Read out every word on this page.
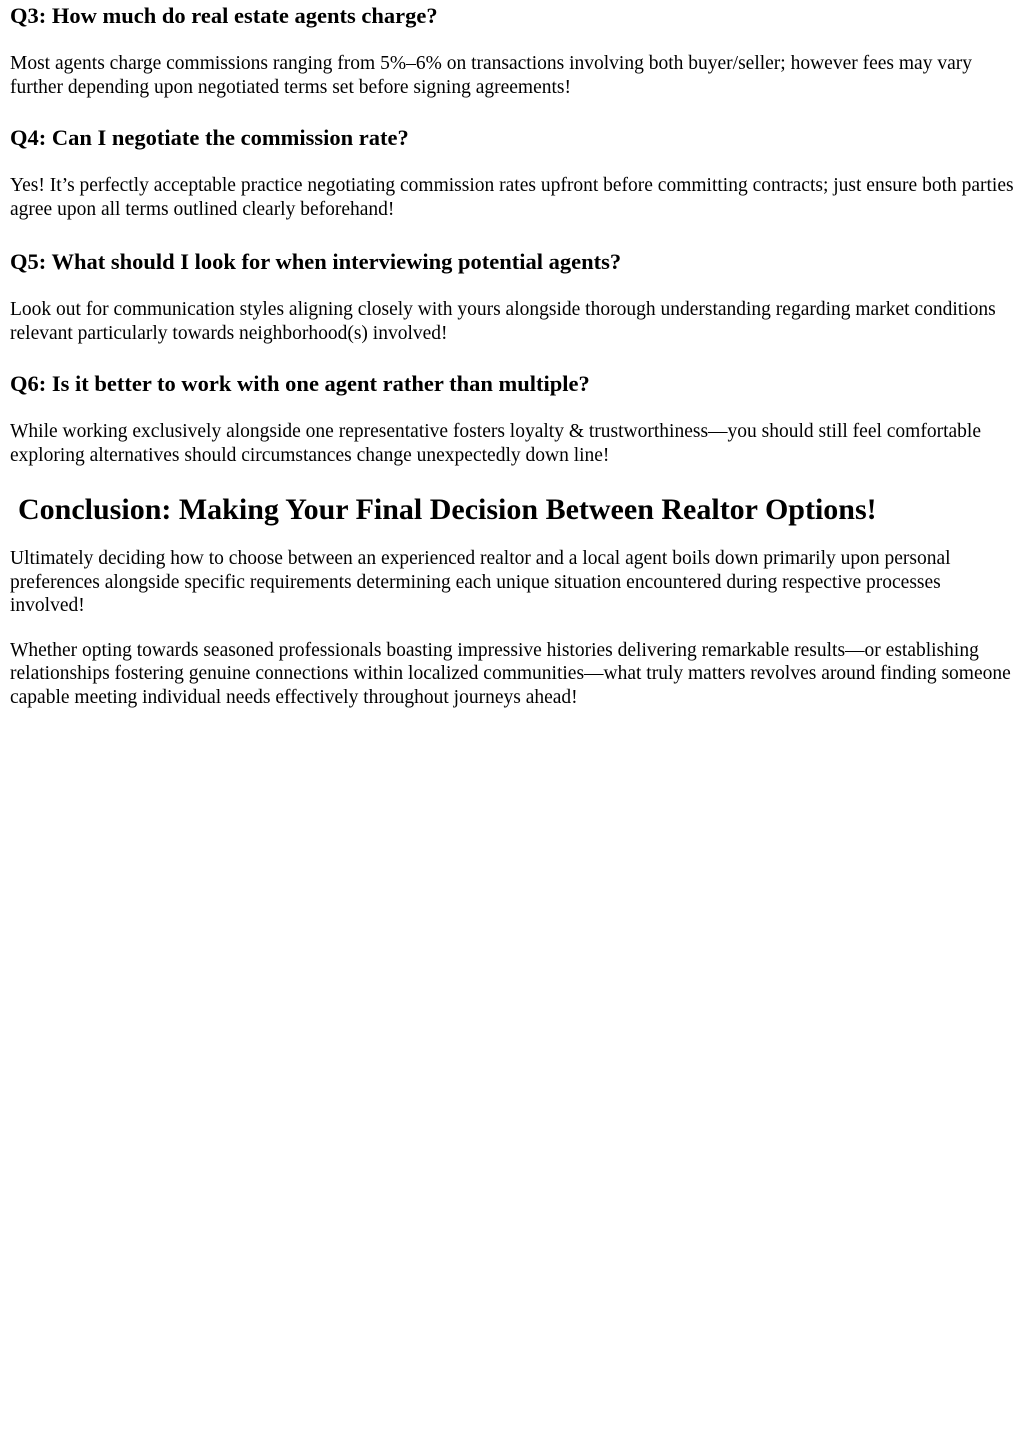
Q3: How much do real estate agents charge?

Most agents charge commissions ranging from 5%–6% on transactions involving both buyer/seller; however fees may vary further depending upon negotiated terms set before signing agreements!

Q4: Can I negotiate the commission rate?

Yes! It’s perfectly acceptable practice negotiating commission rates upfront before committing contracts; just ensure both parties agree upon all terms outlined clearly beforehand!

Q5: What should I look for when interviewing potential agents?

Look out for communication styles aligning closely with yours alongside thorough understanding regarding market conditions relevant particularly towards neighborhood(s) involved!

Q6: Is it better to work with one agent rather than multiple?

While working exclusively alongside one representative fosters loyalty & trustworthiness—you should still feel comfortable exploring alternatives should circumstances change unexpectedly down line!

Conclusion: Making Your Final Decision Between Realtor Options!

Ultimately deciding how to choose between an experienced realtor and a local agent boils down primarily upon personal preferences alongside specific requirements determining each unique situation encountered during respective processes involved!

Whether opting towards seasoned professionals boasting impressive histories delivering remarkable results—or establishing relationships fostering genuine connections within localized communities—what truly matters revolves around finding someone capable meeting individual needs effectively throughout journeys ahead!
